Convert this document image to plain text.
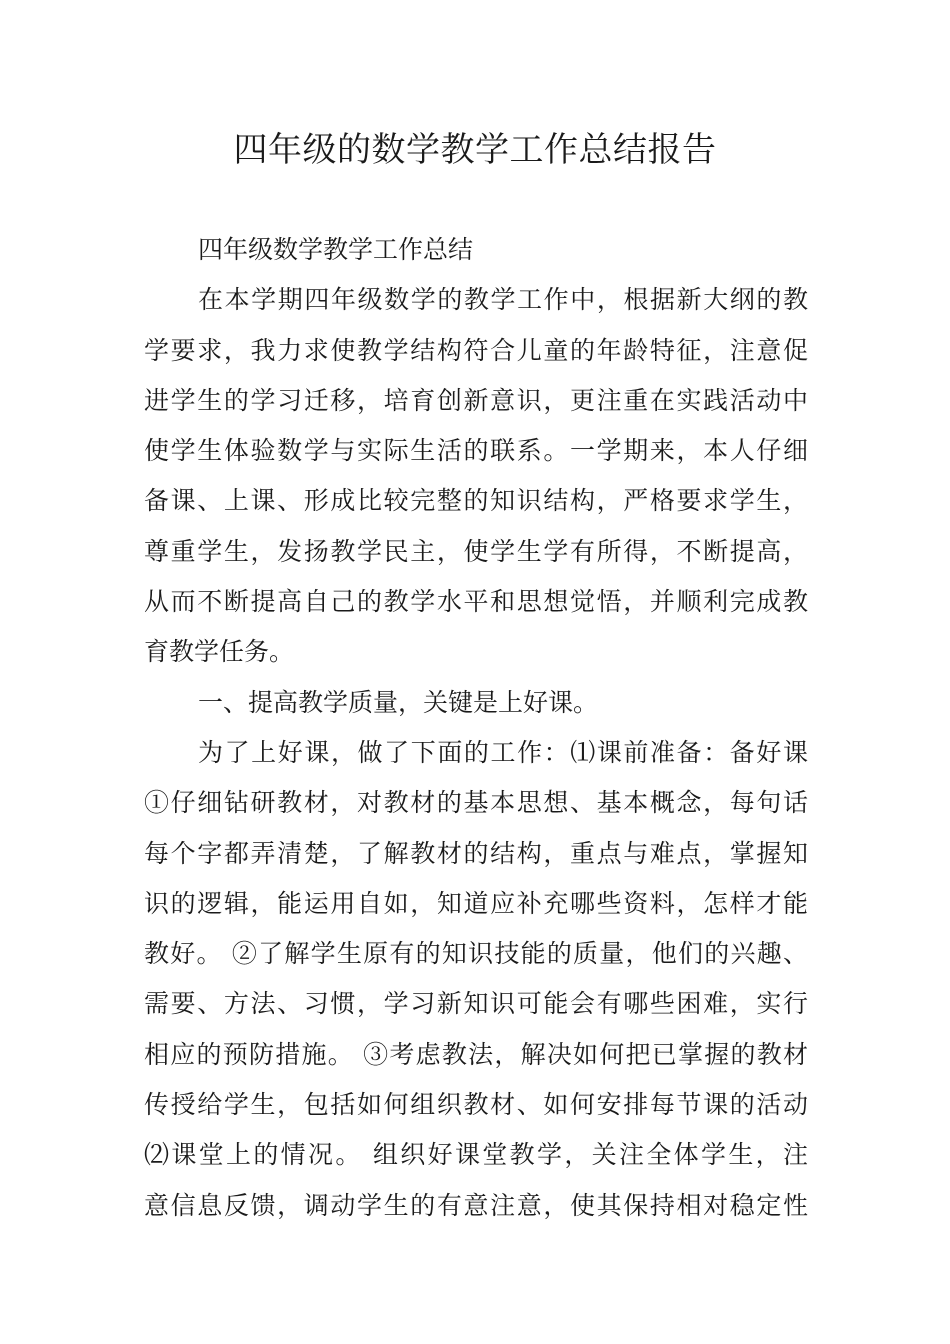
四年级的数学教学工作总结报告
四年级数学教学工作总结
在本学期四年级数学的教学工作中，根据新大纲的教
学要求，我力求使教学结构符合儿童的年龄特征，注意促
进学生的学习迁移，培育创新意识，更注重在实践活动中
使学生体验数学与实际生活的联系。一学期来，本人仔细
备课、上课、形成比较完整的知识结构，严格要求学生，
尊重学生，发扬教学民主，使学生学有所得，不断提高，
从而不断提高自己的教学水平和思想觉悟，并顺利完成教
育教学任务。
一、提高教学质量，关键是上好课。
为了上好课，做了下面的工作：⑴课前准备：备好课
①仔细钻研教材，对教材的基本思想、基本概念，每句话
每个字都弄清楚，了解教材的结构，重点与难点，掌握知
识的逻辑，能运用自如，知道应补充哪些资料，怎样才能
教好。 ②了解学生原有的知识技能的质量，他们的兴趣、
需要、方法、习惯，学习新知识可能会有哪些困难，实行
相应的预防措施。 ③考虑教法，解决如何把已掌握的教材
传授给学生，包括如何组织教材、如何安排每节课的活动
⑵课堂上的情况。 组织好课堂教学，关注全体学生，注
意信息反馈，调动学生的有意注意，使其保持相对稳定性
